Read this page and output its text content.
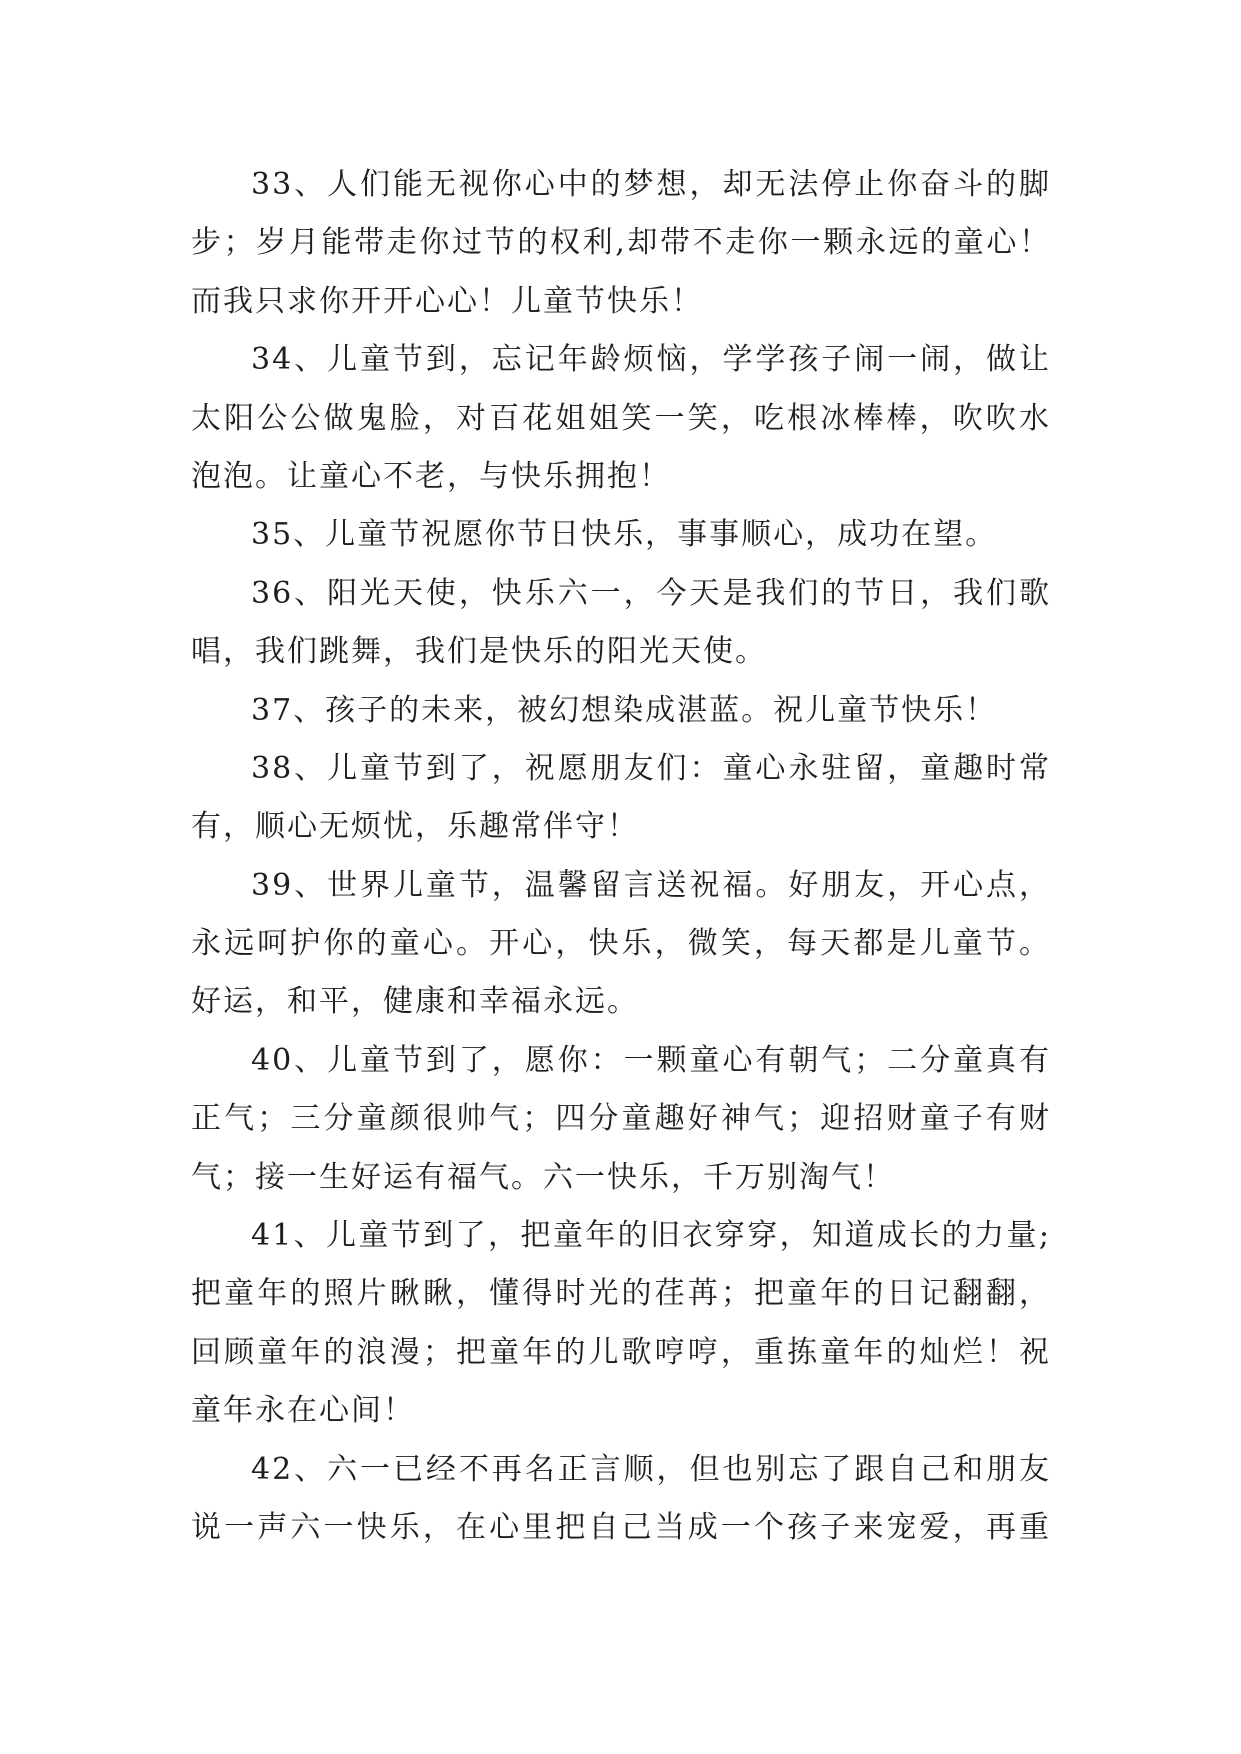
33、人们能无视你心中的梦想，却无法停止你奋斗的脚
步；岁月能带走你过节的权利,却带不走你一颗永远的童心！
而我只求你开开心心！儿童节快乐！
34、儿童节到，忘记年龄烦恼，学学孩子闹一闹，做让
太阳公公做鬼脸，对百花姐姐笑一笑，吃根冰棒棒，吹吹水
泡泡。让童心不老，与快乐拥抱！
35、儿童节祝愿你节日快乐，事事顺心，成功在望。
36、阳光天使，快乐六一，今天是我们的节日，我们歌
唱，我们跳舞，我们是快乐的阳光天使。
37、孩子的未来，被幻想染成湛蓝。祝儿童节快乐！
38、儿童节到了，祝愿朋友们：童心永驻留，童趣时常
有，顺心无烦忧，乐趣常伴守！
39、世界儿童节，温馨留言送祝福。好朋友，开心点，
永远呵护你的童心。开心，快乐，微笑，每天都是儿童节。
好运，和平，健康和幸福永远。
40、儿童节到了，愿你：一颗童心有朝气；二分童真有
正气；三分童颜很帅气；四分童趣好神气；迎招财童子有财
气；接一生好运有福气。六一快乐，千万别淘气！
41、儿童节到了，把童年的旧衣穿穿，知道成长的力量;
把童年的照片瞅瞅，懂得时光的荏苒；把童年的日记翻翻，
回顾童年的浪漫；把童年的儿歌哼哼，重拣童年的灿烂！祝
童年永在心间！
42、六一已经不再名正言顺，但也别忘了跟自己和朋友
说一声六一快乐，在心里把自己当成一个孩子来宠爱，再重
